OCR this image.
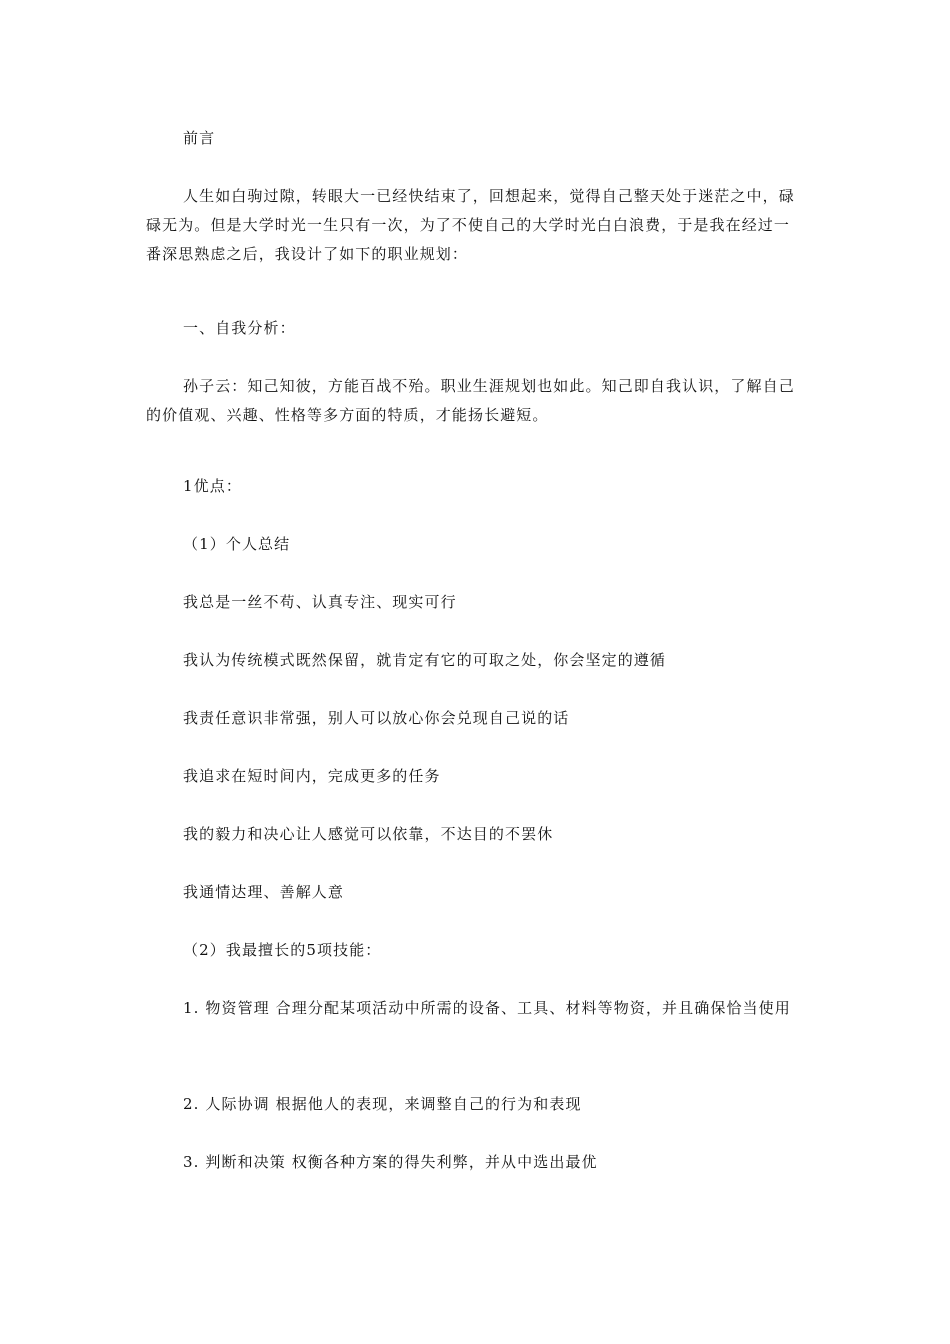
前言

人生如白驹过隙，转眼大一已经快结束了，回想起来，觉得自己整天处于迷茫之中，碌碌无为。但是大学时光一生只有一次，为了不使自己的大学时光白白浪费，于是我在经过一番深思熟虑之后，我设计了如下的职业规划：

一、自我分析：

孙子云：知己知彼，方能百战不殆。职业生涯规划也如此。知己即自我认识，了解自己的价值观、兴趣、性格等多方面的特质，才能扬长避短。

1优点：

（1）个人总结

我总是一丝不苟、认真专注、现实可行

我认为传统模式既然保留，就肯定有它的可取之处，你会坚定的遵循

我责任意识非常强，别人可以放心你会兑现自己说的话

我追求在短时间内，完成更多的任务

我的毅力和决心让人感觉可以依靠，不达目的不罢休

我通情达理、善解人意

（2）我最擅长的5项技能：

1. 物资管理 合理分配某项活动中所需的设备、工具、材料等物资，并且确保恰当使用

2. 人际协调 根据他人的表现，来调整自己的行为和表现

3. 判断和决策 权衡各种方案的得失利弊，并从中选出最优
